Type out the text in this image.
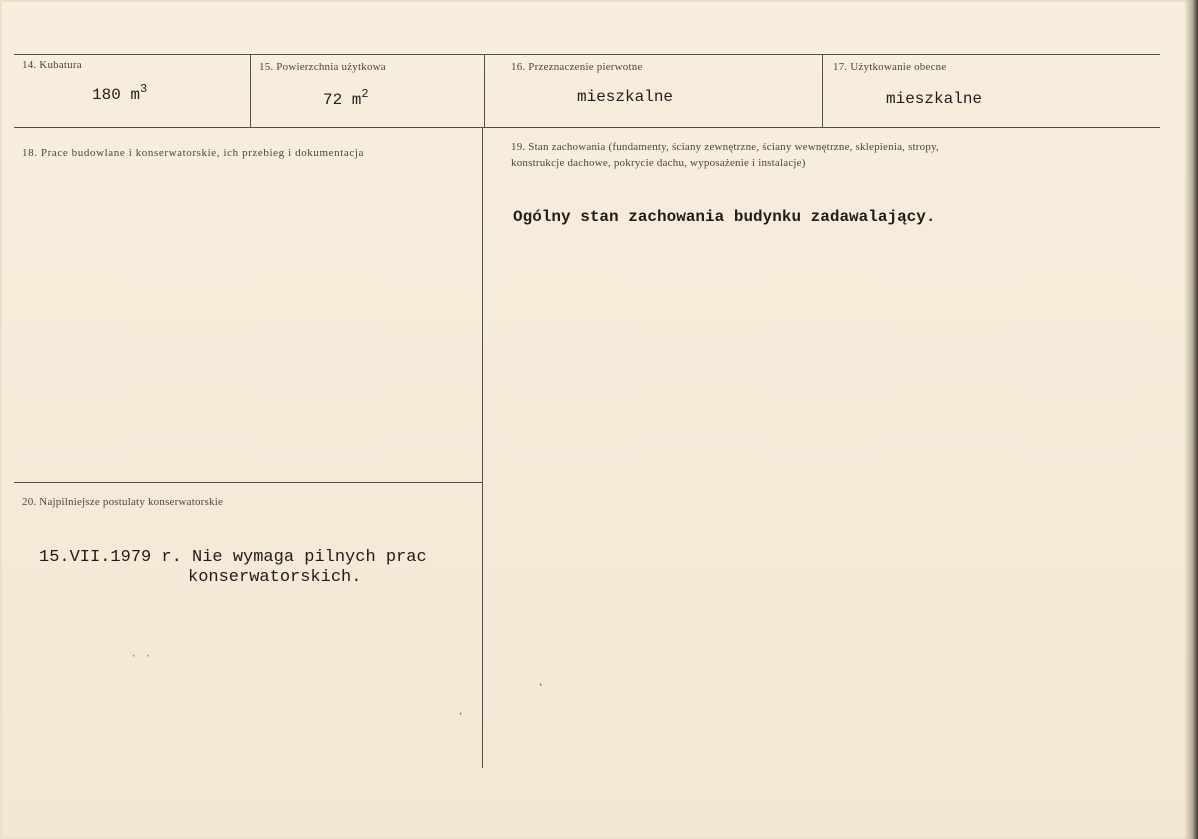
14. Kubatura
180 $m^3$
15. Powierzchnia użytkowa
72 $m^2$
16. Przeznaczenie pierwotne
mieszkalne
17. Użytkowanie obecne
mieszkalne
18. Prace budowlane i konserwatorskie, ich przebieg i dokumentacja	19. Stan zachowania (fundamenty, ściany zewnętrzne, ściany wewnętrzne, sklepienia, stropy,
konstrukcje dachowe, pokrycie dachu, wyposażenie i instalacje)
Ogólny stan zachowania budynku zadawalający.
20. Najpilniejsze postulaty konserwatorskie
15.VII.1979 r. Nie wymaga pilnych prac
konserwatorskich.
·
·
· ·
